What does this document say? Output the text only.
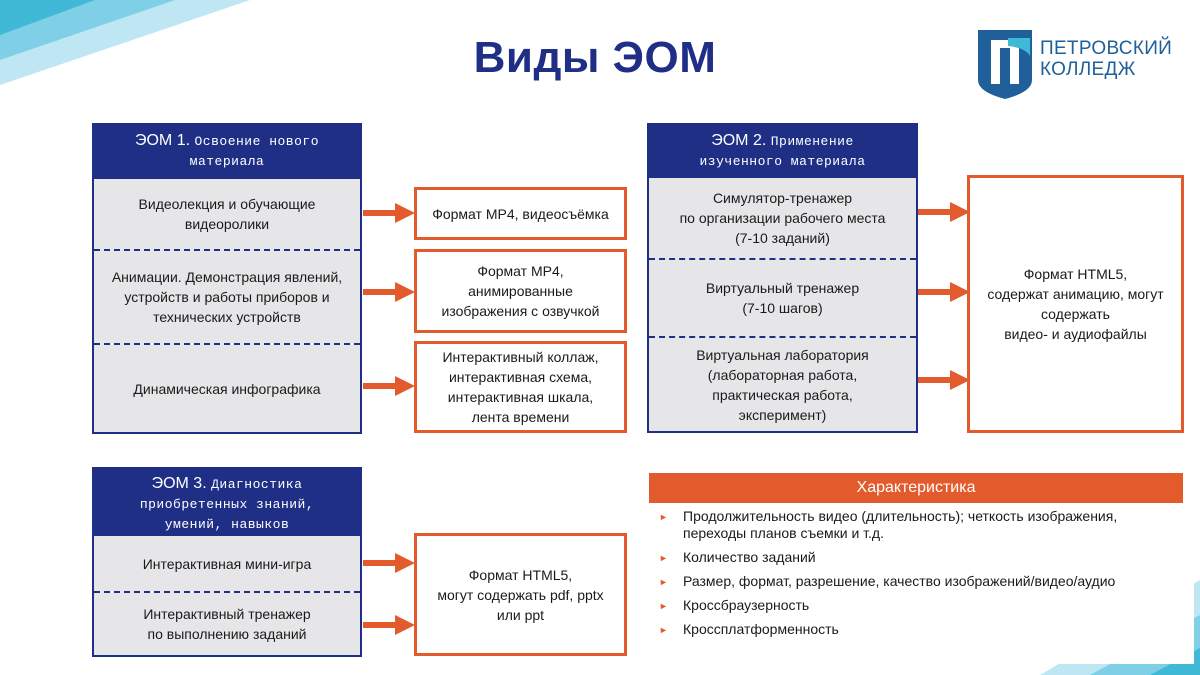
Виды ЭОМ	ПЕТРОВСКИЙ
КОЛЛЕДЖ
ЭОМ 1. Освоение нового
материала
Видеолекция и обучающие
видеоролики
Анимации. Демонстрация явлений,
устройств и работы приборов и
технических устройств
Динамическая инфографика
Формат MP4, видеосъёмка
Формат MP4,
анимированные
изображения с озвучкой
Интерактивный коллаж,
интерактивная схема,
интерактивная шкала,
лента времени
ЭОМ 2. Применение
изученного материала
Симулятор-тренажер
по организации рабочего места
(7-10 заданий)
Виртуальный тренажер
(7-10 шагов)
Виртуальная лаборатория
(лабораторная работа,
практическая работа,
эксперимент)
Формат HTML5,
содержат анимацию, могут
содержать
видео- и аудиофайлы
ЭОМ 3. Диагностика
приобретенных знаний,
умений, навыков
Интерактивная мини-игра
Интерактивный тренажер
по выполнению заданий
Формат HTML5,
могут содержать pdf, pptx
или ppt
Характеристика
► Продолжительность видео (длительность); четкость изображения,
переходы планов съемки и т.д.
► Количество заданий
► Размер, формат, разрешение, качество изображений/видео/аудио
► Кроссбраузерность
► Кроссплатформенность
